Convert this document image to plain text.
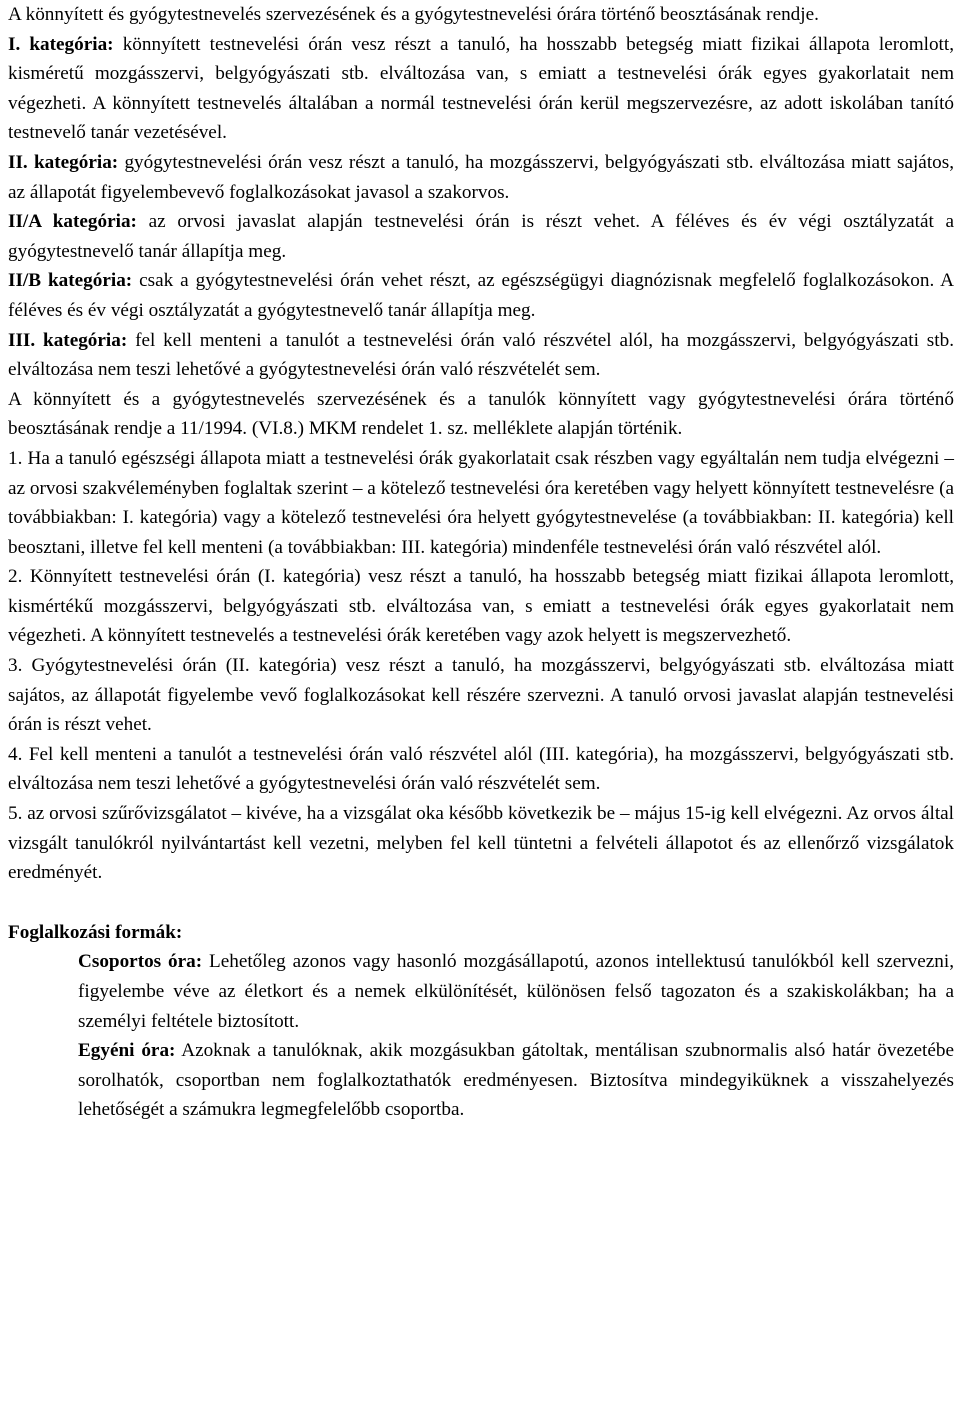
A könnyített és gyógytestnevelés szervezésének és a gyógytestnevelési órára történő beosztásának rendje.

I. kategória: könnyített testnevelési órán vesz részt a tanuló, ha hosszabb betegség miatt fizikai állapota leromlott, kisméretű mozgásszervi, belgyógyászati stb. elváltozása van, s emiatt a testnevelési órák egyes gyakorlatait nem végezheti. A könnyített testnevelés általában a normál testnevelési órán kerül megszervezésre, az adott iskolában tanító testnevelő tanár vezetésével.

II. kategória: gyógytestnevelési órán vesz részt a tanuló, ha mozgásszervi, belgyógyászati stb. elváltozása miatt sajátos, az állapotát figyelembevevő foglalkozásokat javasol a szakorvos.

II/A kategória: az orvosi javaslat alapján testnevelési órán is részt vehet. A féléves és év végi osztályzatát a gyógytestnevelő tanár állapítja meg.

II/B kategória: csak a gyógytestnevelési órán vehet részt, az egészségügyi diagnózisnak megfelelő foglalkozásokon. A féléves és év végi osztályzatát a gyógytestnevelő tanár állapítja meg.

III. kategória: fel kell menteni a tanulót a testnevelési órán való részvétel alól, ha mozgásszervi, belgyógyászati stb. elváltozása nem teszi lehetővé a gyógytestnevelési órán való részvételét sem.

A könnyített és a gyógytestnevelés szervezésének és a tanulók könnyített vagy gyógytestnevelési órára történő beosztásának rendje a 11/1994. (VI.8.) MKM rendelet 1. sz. melléklete alapján történik.

1. Ha a tanuló egészségi állapota miatt a testnevelési órák gyakorlatait csak részben vagy egyáltalán nem tudja elvégezni – az orvosi szakvéleményben foglaltak szerint – a kötelező testnevelési óra keretében vagy helyett könnyített testnevelésre (a továbbiakban: I. kategória) vagy a kötelező testnevelési óra helyett gyógytestnevelése (a továbbiakban: II. kategória) kell beosztani, illetve fel kell menteni (a továbbiakban: III. kategória) mindenféle testnevelési órán való részvétel alól.

2. Könnyített testnevelési órán (I. kategória) vesz részt a tanuló, ha hosszabb betegség miatt fizikai állapota leromlott, kismértékű mozgásszervi, belgyógyászati stb. elváltozása van, s emiatt a testnevelési órák egyes gyakorlatait nem végezheti. A könnyített testnevelés a testnevelési órák keretében vagy azok helyett is megszervezhető.

3. Gyógytestnevelési órán (II. kategória) vesz részt a tanuló, ha mozgásszervi, belgyógyászati stb. elváltozása miatt sajátos, az állapotát figyelembe vevő foglalkozásokat kell részére szervezni. A tanuló orvosi javaslat alapján testnevelési órán is részt vehet.

4. Fel kell menteni a tanulót a testnevelési órán való részvétel alól (III. kategória), ha mozgásszervi, belgyógyászati stb. elváltozása nem teszi lehetővé a gyógytestnevelési órán való részvételét sem.

5. az orvosi szűrővizsgálatot – kivéve, ha a vizsgálat oka később következik be – május 15-ig kell elvégezni. Az orvos által vizsgált tanulókról nyilvántartást kell vezetni, melyben fel kell tüntetni a felvételi állapotot és az ellenőrző vizsgálatok eredményét.

Foglalkozási formák:

Csoportos óra: Lehetőleg azonos vagy hasonló mozgásállapotú, azonos intellektusú tanulókból kell szervezni, figyelembe véve az életkort és a nemek elkülönítését, különösen felső tagozaton és a szakiskolákban; ha a személyi feltétele biztosított.

Egyéni óra: Azoknak a tanulóknak, akik mozgásukban gátoltak, mentálisan szubnormalis alsó határ övezetébe sorolhatók, csoportban nem foglalkoztathatók eredményesen. Biztosítva mindegyiküknek a visszahelyezés lehetőségét a számukra legmegfelelőbb csoportba.
